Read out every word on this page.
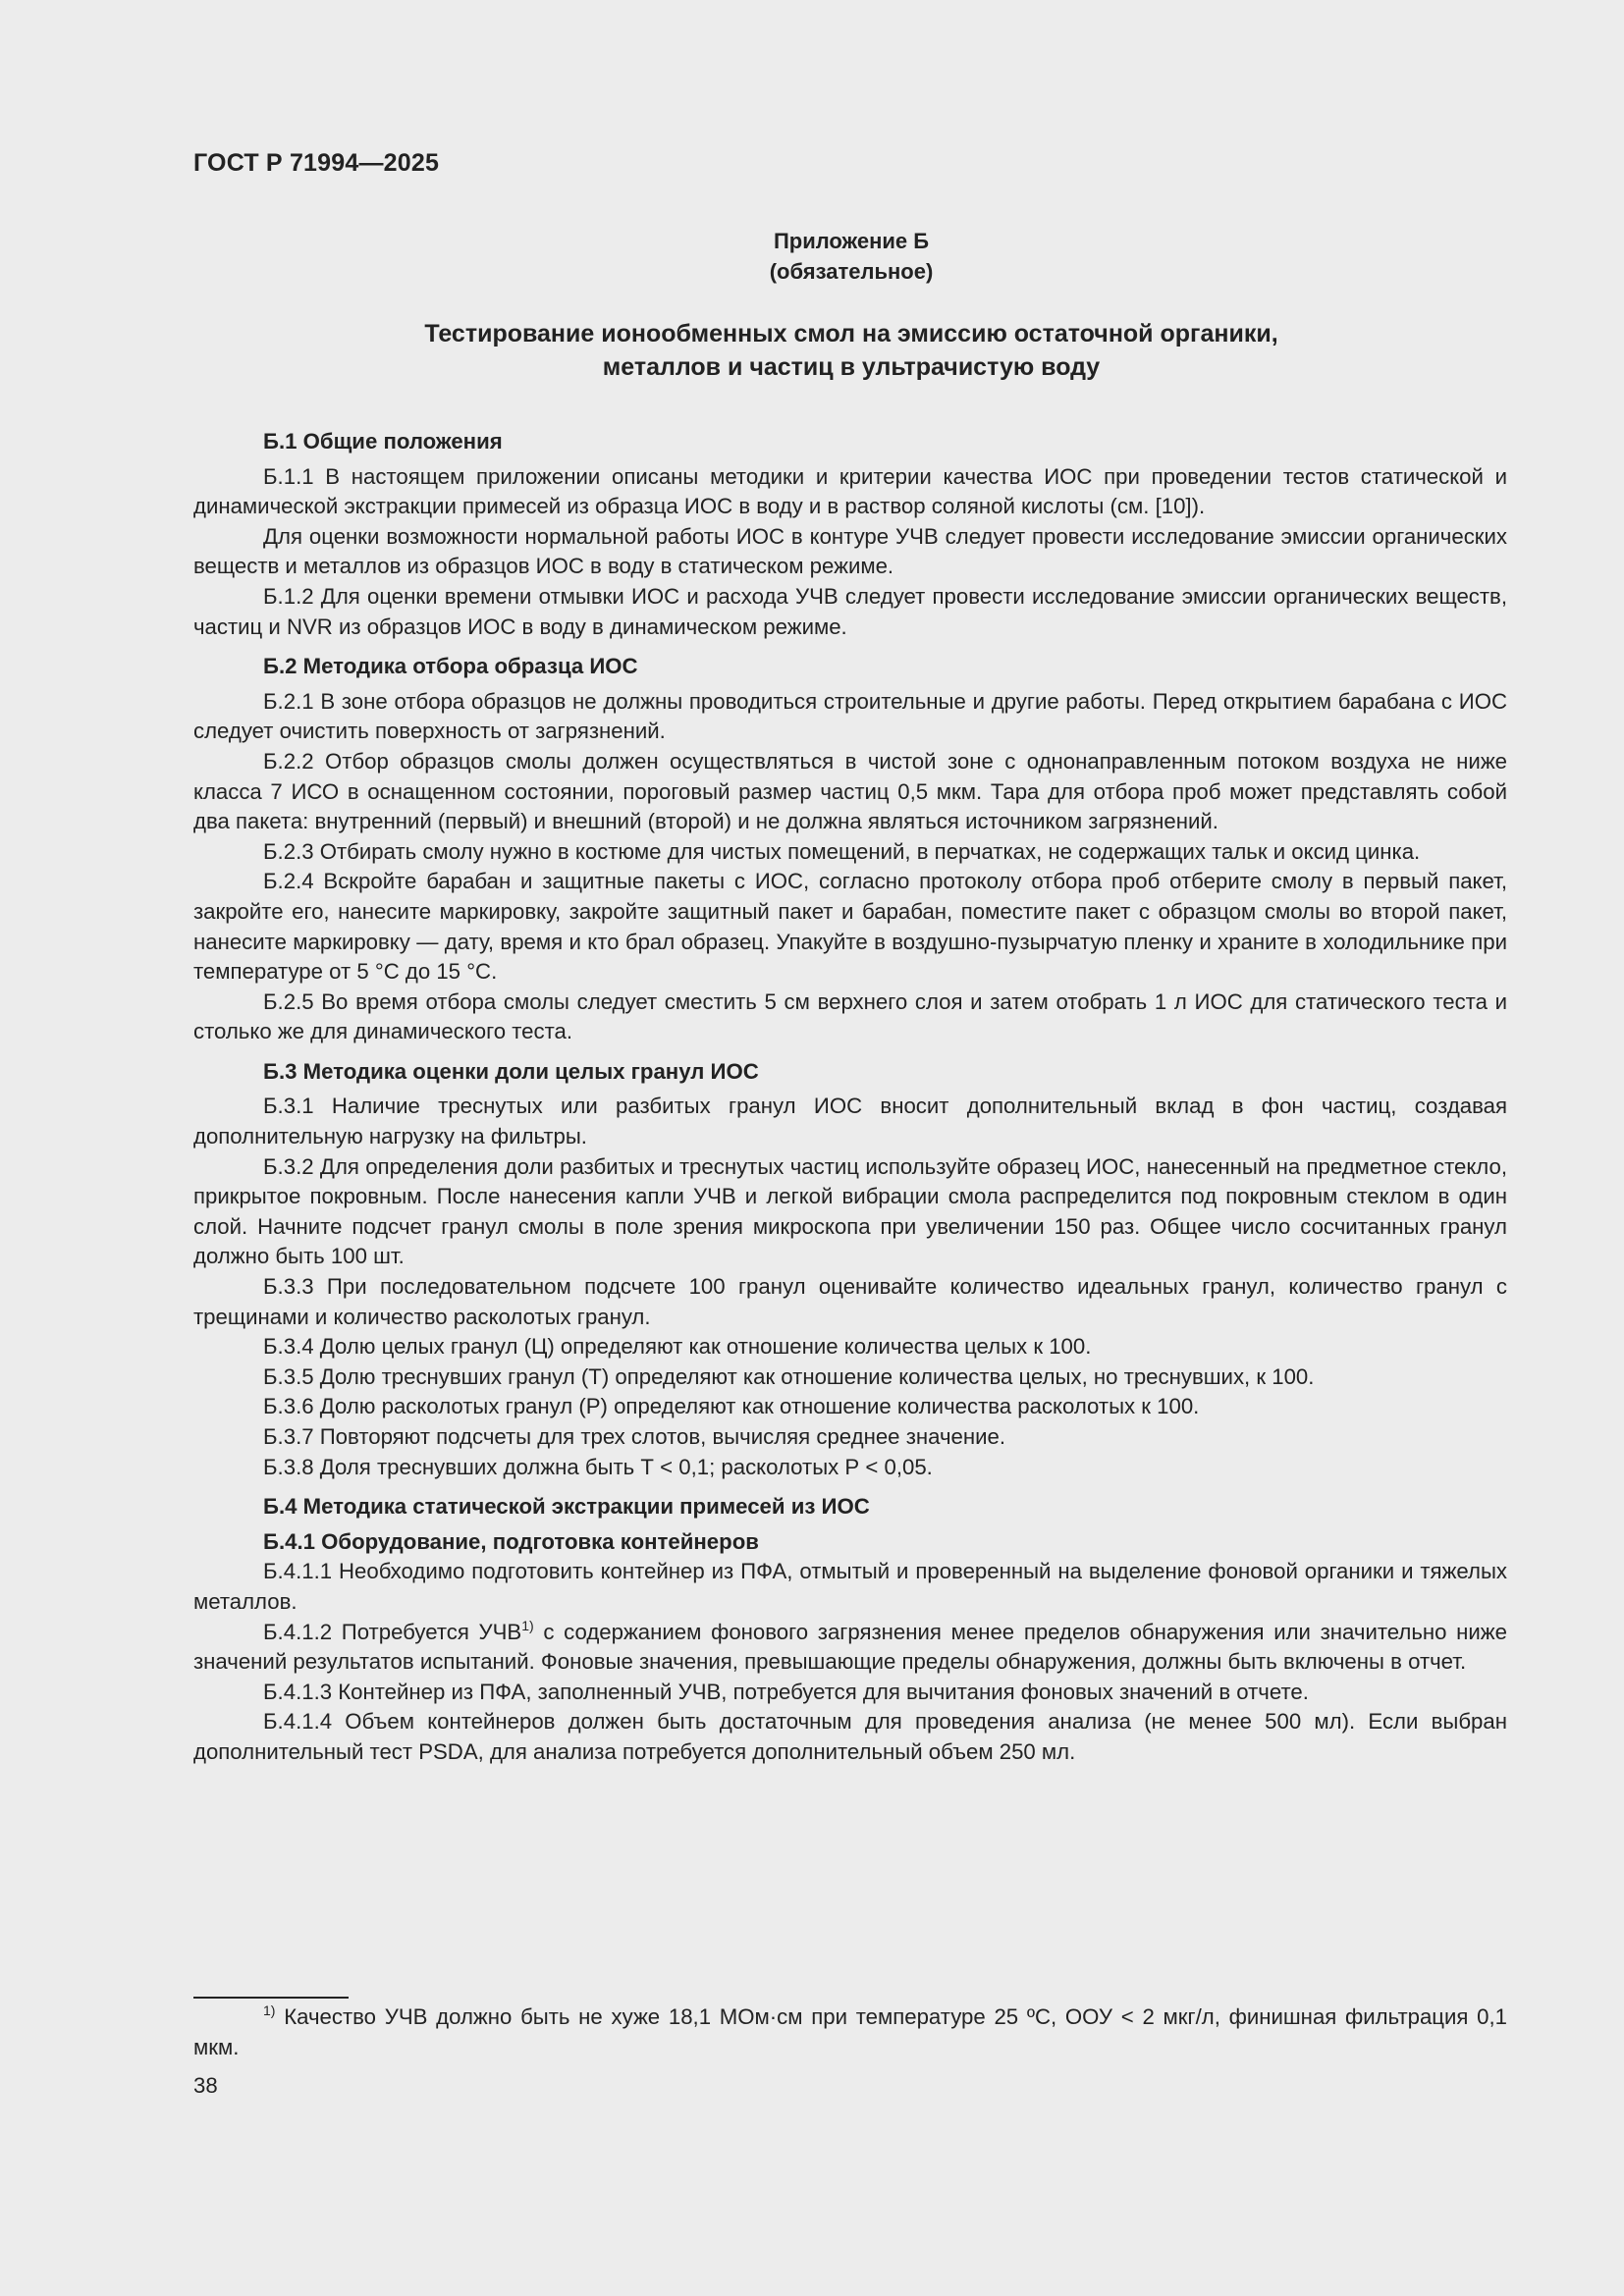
ГОСТ Р 71994—2025
Приложение Б
(обязательное)
Тестирование ионообменных смол на эмиссию остаточной органики,
металлов и частиц в ультрачистую воду

Б.1 Общие положения

Б.1.1 В настоящем приложении описаны методики и критерии качества ИОС при проведении тестов статической и динамической экстракции примесей из образца ИОС в воду и в раствор соляной кислоты (см. [10]).

Для оценки возможности нормальной работы ИОС в контуре УЧВ следует провести исследование эмиссии органических веществ и металлов из образцов ИОС в воду в статическом режиме.

Б.1.2 Для оценки времени отмывки ИОС и расхода УЧВ следует провести исследование эмиссии органических веществ, частиц и NVR из образцов ИОС в воду в динамическом режиме.

Б.2 Методика отбора образца ИОС

Б.2.1 В зоне отбора образцов не должны проводиться строительные и другие работы. Перед открытием барабана с ИОС следует очистить поверхность от загрязнений.

Б.2.2 Отбор образцов смолы должен осуществляться в чистой зоне с однонаправленным потоком воздуха не ниже класса 7 ИСО в оснащенном состоянии, пороговый размер частиц 0,5 мкм. Тара для отбора проб может представлять собой два пакета: внутренний (первый) и внешний (второй) и не должна являться источником загрязнений.

Б.2.3 Отбирать смолу нужно в костюме для чистых помещений, в перчатках, не содержащих тальк и оксид цинка.

Б.2.4 Вскройте барабан и защитные пакеты с ИОС, согласно протоколу отбора проб отберите смолу в первый пакет, закройте его, нанесите маркировку, закройте защитный пакет и барабан, поместите пакет с образцом смолы во второй пакет, нанесите маркировку — дату, время и кто брал образец. Упакуйте в воздушно-пузырчатую пленку и храните в холодильнике при температуре от 5 °С до 15 °С.

Б.2.5 Во время отбора смолы следует сместить 5 см верхнего слоя и затем отобрать 1 л ИОС для статического теста и столько же для динамического теста.

Б.3 Методика оценки доли целых гранул ИОС

Б.3.1 Наличие треснутых или разбитых гранул ИОС вносит дополнительный вклад в фон частиц, создавая дополнительную нагрузку на фильтры.

Б.3.2 Для определения доли разбитых и треснутых частиц используйте образец ИОС, нанесенный на предметное стекло, прикрытое покровным. После нанесения капли УЧВ и легкой вибрации смола распределится под покровным стеклом в один слой. Начните подсчет гранул смолы в поле зрения микроскопа при увеличении 150 раз. Общее число сосчитанных гранул должно быть 100 шт.

Б.3.3 При последовательном подсчете 100 гранул оценивайте количество идеальных гранул, количество гранул с трещинами и количество расколотых гранул.

Б.3.4 Долю целых гранул (Ц) определяют как отношение количества целых к 100.

Б.3.5 Долю треснувших гранул (Т) определяют как отношение количества целых, но треснувших, к 100.

Б.3.6 Долю расколотых гранул (Р) определяют как отношение количества расколотых к 100.

Б.3.7 Повторяют подсчеты для трех слотов, вычисляя среднее значение.

Б.3.8 Доля треснувших должна быть Т < 0,1; расколотых Р < 0,05.

Б.4 Методика статической экстракции примесей из ИОС

Б.4.1 Оборудование, подготовка контейнеров

Б.4.1.1 Необходимо подготовить контейнер из ПФА, отмытый и проверенный на выделение фоновой органики и тяжелых металлов.

Б.4.1.2 Потребуется УЧВ$^{1)}$ с содержанием фонового загрязнения менее пределов обнаружения или значительно ниже значений результатов испытаний. Фоновые значения, превышающие пределы обнаружения, должны быть включены в отчет.

Б.4.1.3 Контейнер из ПФА, заполненный УЧВ, потребуется для вычитания фоновых значений в отчете.

Б.4.1.4 Объем контейнеров должен быть достаточным для проведения анализа (не менее 500 мл). Если выбран дополнительный тест PSDA, для анализа потребуется дополнительный объем 250 мл.

$^{1)}$ Качество УЧВ должно быть не хуже 18,1 МОм·см при температуре 25 ºС, ООУ < 2 мкг/л, финишная фильтрация 0,1 мкм.
38
